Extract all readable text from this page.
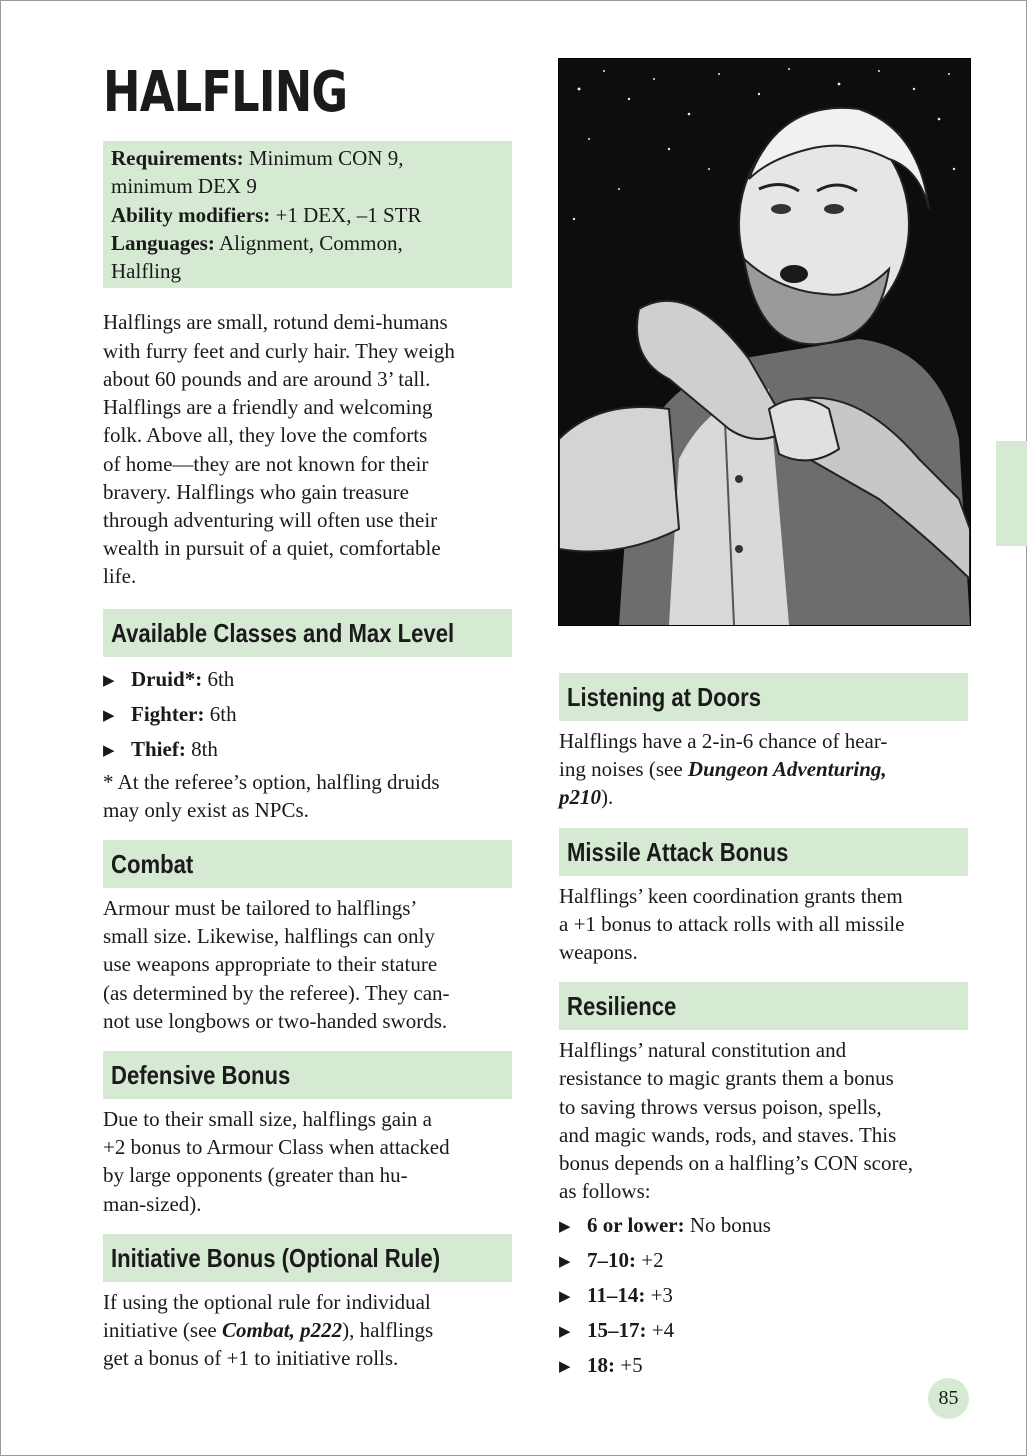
HALFLING
Requirements: Minimum CON 9,
minimum DEX 9
Ability modifiers: +1 DEX, –1 STR
Languages: Alignment, Common,
Halfling

Halflings are small, rotund demi-humans
with furry feet and curly hair. They weigh
about 60 pounds and are around 3’ tall.
Halflings are a friendly and welcoming
folk. Above all, they love the comforts
of home—they are not known for their
bravery. Halflings who gain treasure
through adventuring will often use their
wealth in pursuit of a quiet, comfortable
life.

Available Classes and Max Level
▶ Druid*: 6th
▶ Fighter: 6th
▶ Thief: 8th

* At the referee’s option, halfling druids
may only exist as NPCs.

Combat

Armour must be tailored to halflings’
small size. Likewise, halflings can only
use weapons appropriate to their stature
(as determined by the referee). They can-
not use longbows or two-handed swords.

Defensive Bonus

Due to their small size, halflings gain a
+2 bonus to Armour Class when attacked
by large opponents (greater than hu-
man-sized).

Initiative Bonus (Optional Rule)

If using the optional rule for individual
initiative (see Combat, p222), halflings
get a bonus of +1 to initiative rolls.

Listening at Doors

Halflings have a 2-in-6 chance of hear-
ing noises (see Dungeon Adventuring,
p210).

Missile Attack Bonus

Halflings’ keen coordination grants them
a +1 bonus to attack rolls with all missile
weapons.

Resilience

Halflings’ natural constitution and
resistance to magic grants them a bonus
to saving throws versus poison, spells,
and magic wands, rods, and staves. This
bonus depends on a halfling’s CON score,
as follows:

▶ 6 or lower: No bonus
▶ 7–10: +2
▶ 11–14: +3
▶ 15–17: +4
▶ 18: +5
85
